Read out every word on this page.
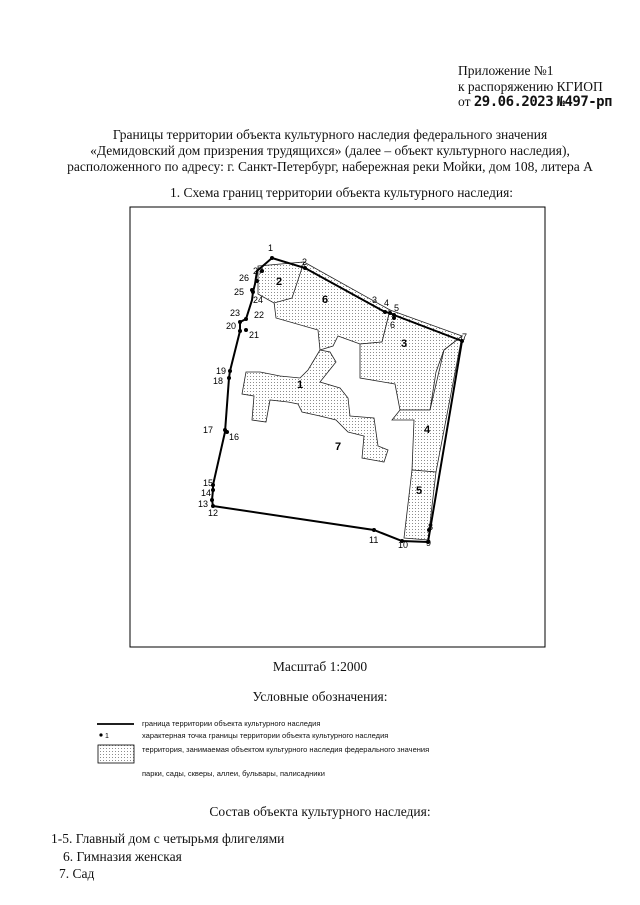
Приложение №1
к распоряжению КГИОП
от 29.06.2023 №497-рп
Границы территории объекта культурного наследия федерального значения
«Демидовский дом призрения трудящихся» (далее – объект культурного наследия),
расположенного по адресу: г. Санкт-Петербург, набережная реки Мойки, дом 108, литера А
1. Схема границ территории объекта культурного наследия:
1
2
3 4 5
6
7
8
9
10
11
12
13
14
15
16
17
18
19
20
21
22
23
24
25
26
27
1
2
3
4
5
6
7
1
Масштаб 1:2000
Условные обозначения:
граница территории объекта культурного наследия
характерная точка границы территории объекта культурного наследия
территория, занимаемая объектом культурного наследия федерального значения
парки, сады, скверы, аллеи, бульвары, палисадники
Состав объекта культурного наследия:
1-5. Главный дом с четырьмя флигелями
6. Гимназия женская
7. Сад
